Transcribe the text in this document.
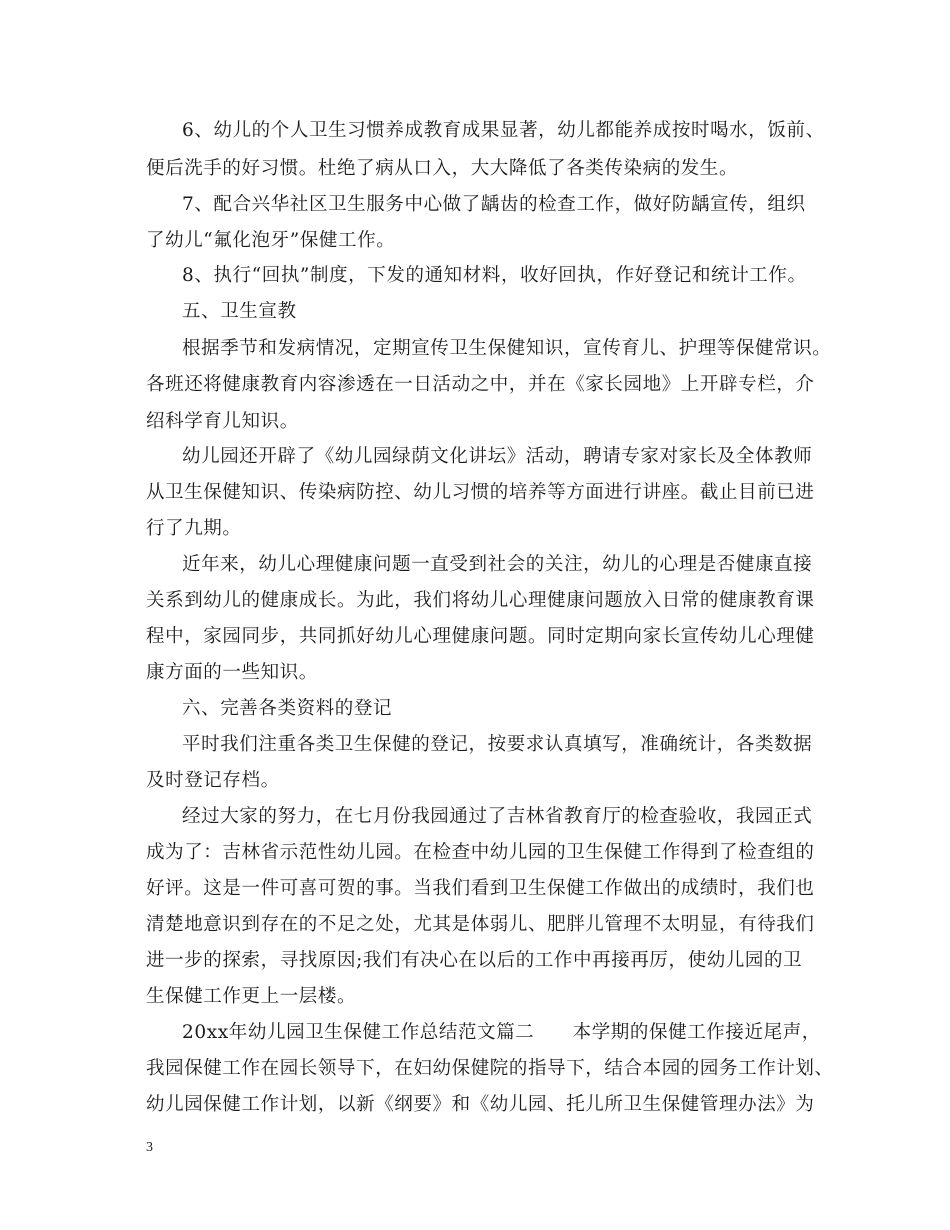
6、幼儿的个人卫生习惯养成教育成果显著，幼儿都能养成按时喝水，饭前、
便后洗手的好习惯。杜绝了病从口入，大大降低了各类传染病的发生。
7、配合兴华社区卫生服务中心做了龋齿的检查工作，做好防龋宣传，组织
了幼儿“氟化泡牙”保健工作。
8、执行“回执”制度，下发的通知材料，收好回执，作好登记和统计工作。
五、卫生宣教
根据季节和发病情况，定期宣传卫生保健知识，宣传育儿、护理等保健常识。
各班还将健康教育内容渗透在一日活动之中，并在《家长园地》上开辟专栏，介
绍科学育儿知识。
幼儿园还开辟了《幼儿园绿荫文化讲坛》活动，聘请专家对家长及全体教师
从卫生保健知识、传染病防控、幼儿习惯的培养等方面进行讲座。截止目前已进
行了九期。
近年来，幼儿心理健康问题一直受到社会的关注，幼儿的心理是否健康直接
关系到幼儿的健康成长。为此，我们将幼儿心理健康问题放入日常的健康教育课
程中，家园同步，共同抓好幼儿心理健康问题。同时定期向家长宣传幼儿心理健
康方面的一些知识。
六、完善各类资料的登记
平时我们注重各类卫生保健的登记，按要求认真填写，准确统计，各类数据
及时登记存档。
经过大家的努力，在七月份我园通过了吉林省教育厅的检查验收，我园正式
成为了：吉林省示范性幼儿园。在检查中幼儿园的卫生保健工作得到了检查组的
好评。这是一件可喜可贺的事。当我们看到卫生保健工作做出的成绩时，我们也
清楚地意识到存在的不足之处，尤其是体弱儿、肥胖儿管理不太明显，有待我们
进一步的探索，寻找原因;我们有决心在以后的工作中再接再厉，使幼儿园的卫
生保健工作更上一层楼。
20xx年幼儿园卫生保健工作总结范文篇二　　本学期的保健工作接近尾声，
我园保健工作在园长领导下，在妇幼保健院的指导下，结合本园的园务工作计划、
幼儿园保健工作计划，以新《纲要》和《幼儿园、托儿所卫生保健管理办法》为
3
